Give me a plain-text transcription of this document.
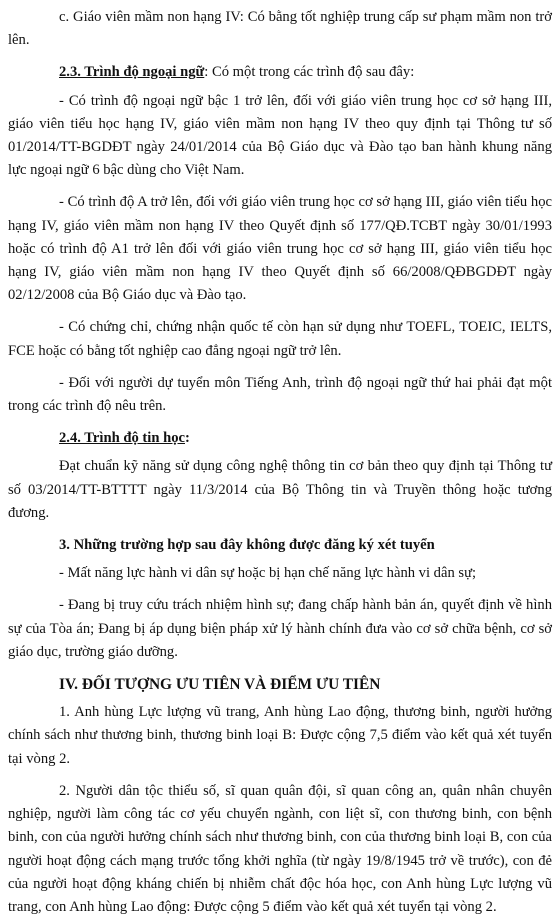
c. Giáo viên mầm non hạng IV: Có bằng tốt nghiệp trung cấp sư phạm mầm non trở lên.

2.3. Trình độ ngoại ngữ: Có một trong các trình độ sau đây:

- Có trình độ ngoại ngữ bậc 1 trở lên, đối với giáo viên trung học cơ sở hạng III, giáo viên tiểu học hạng IV, giáo viên mầm non hạng IV theo quy định tại Thông tư số 01/2014/TT-BGDĐT ngày 24/01/2014 của Bộ Giáo dục và Đào tạo ban hành khung năng lực ngoại ngữ 6 bậc dùng cho Việt Nam.

- Có trình độ A trở lên, đối với giáo viên trung học cơ sở hạng III, giáo viên tiểu học hạng IV, giáo viên mầm non hạng IV theo Quyết định số 177/QĐ.TCBT ngày 30/01/1993 hoặc có trình độ A1 trở lên đối với giáo viên trung học cơ sở hạng III, giáo viên tiểu học hạng IV, giáo viên mầm non hạng IV theo Quyết định số 66/2008/QĐBGDĐT ngày 02/12/2008 của Bộ Giáo dục và Đào tạo.

- Có chứng chỉ, chứng nhận quốc tế còn hạn sử dụng như TOEFL, TOEIC, IELTS, FCE hoặc có bằng tốt nghiệp cao đẳng ngoại ngữ trở lên.

- Đối với người dự tuyển môn Tiếng Anh, trình độ ngoại ngữ thứ hai phải đạt một trong các trình độ nêu trên.

2.4. Trình độ tin học:

Đạt chuẩn kỹ năng sử dụng công nghệ thông tin cơ bản theo quy định tại Thông tư số 03/2014/TT-BTTTT ngày 11/3/2014 của Bộ Thông tin và Truyền thông hoặc tương đương.

3. Những trường hợp sau đây không được đăng ký xét tuyển

- Mất năng lực hành vi dân sự hoặc bị hạn chế năng lực hành vi dân sự;

- Đang bị truy cứu trách nhiệm hình sự; đang chấp hành bản án, quyết định về hình sự của Tòa án; Đang bị áp dụng biện pháp xử lý hành chính đưa vào cơ sở chữa bệnh, cơ sở giáo dục, trường giáo dưỡng.

IV. ĐỐI TƯỢNG ƯU TIÊN VÀ ĐIỂM ƯU TIÊN

1. Anh hùng Lực lượng vũ trang, Anh hùng Lao động, thương binh, người hưởng chính sách như thương binh, thương binh loại B: Được cộng 7,5 điểm vào kết quả xét tuyển tại vòng 2.

2. Người dân tộc thiểu số, sĩ quan quân đội, sĩ quan công an, quân nhân chuyên nghiệp, người làm công tác cơ yếu chuyển ngành, con liệt sĩ, con thương binh, con bệnh binh, con của người hưởng chính sách như thương binh, con của thương binh loại B, con của người hoạt động cách mạng trước tổng khởi nghĩa (từ ngày 19/8/1945 trở về trước), con đẻ của người hoạt động kháng chiến bị nhiễm chất độc hóa học, con Anh hùng Lực lượng vũ trang, con Anh hùng Lao động: Được cộng 5 điểm vào kết quả xét tuyển tại vòng 2.
